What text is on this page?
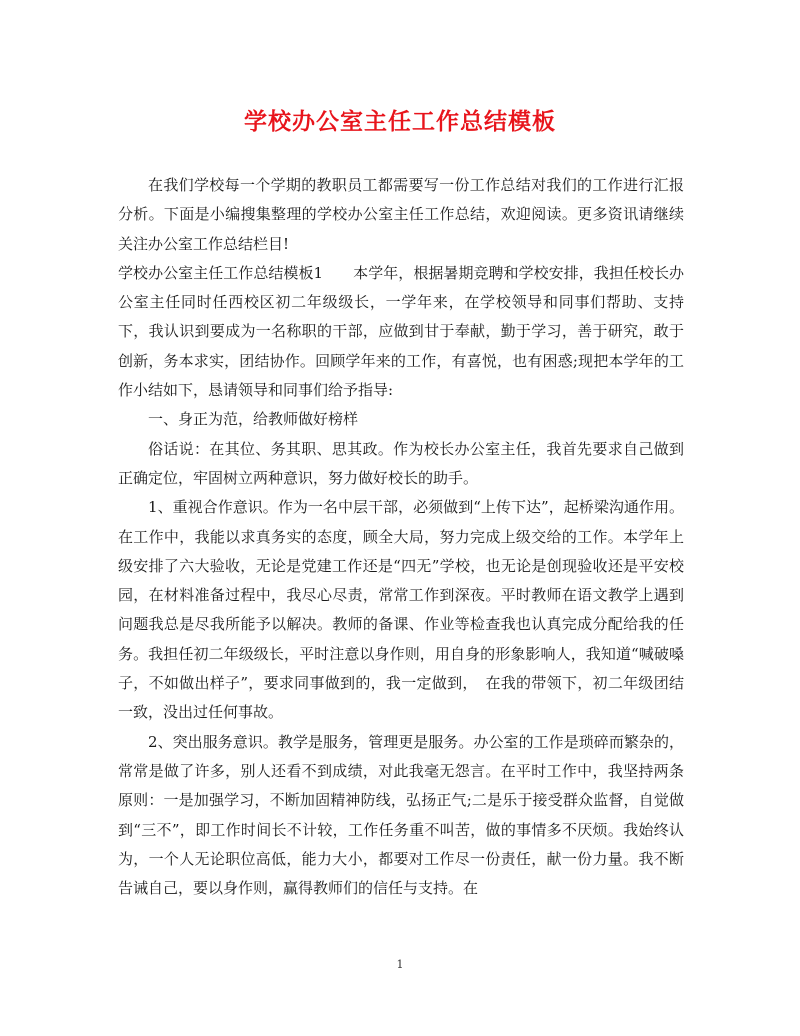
学校办公室主任工作总结模板

在我们学校每一个学期的教职员工都需要写一份工作总结对我们的工作进行汇报分析。下面是小编搜集整理的学校办公室主任工作总结，欢迎阅读。更多资讯请继续关注办公室工作总结栏目!

学校办公室主任工作总结模板1　　本学年，根据暑期竞聘和学校安排，我担任校长办公室主任同时任西校区初二年级级长，一学年来，在学校领导和同事们帮助、支持下，我认识到要成为一名称职的干部，应做到甘于奉献，勤于学习，善于研究，敢于创新，务本求实，团结协作。回顾学年来的工作，有喜悦，也有困惑;现把本学年的工作小结如下，恳请领导和同事们给予指导:

一、身正为范，给教师做好榜样

俗话说：在其位、务其职、思其政。作为校长办公室主任，我首先要求自己做到正确定位，牢固树立两种意识，努力做好校长的助手。

1、重视合作意识。作为一名中层干部，必须做到“上传下达”，起桥梁沟通作用。在工作中，我能以求真务实的态度，顾全大局，努力完成上级交给的工作。本学年上级安排了六大验收，无论是党建工作还是“四无”学校，也无论是创现验收还是平安校园，在材料准备过程中，我尽心尽责，常常工作到深夜。平时教师在语文教学上遇到问题我总是尽我所能予以解决。教师的备课、作业等检查我也认真完成分配给我的任务。我担任初二年级级长，平时注意以身作则，用自身的形象影响人，我知道“喊破嗓子，不如做出样子”，要求同事做到的，我一定做到，　在我的带领下，初二年级团结一致，没出过任何事故。

2、突出服务意识。教学是服务，管理更是服务。办公室的工作是琐碎而繁杂的，常常是做了许多，别人还看不到成绩，对此我毫无怨言。在平时工作中，我坚持两条原则：一是加强学习，不断加固精神防线，弘扬正气;二是乐于接受群众监督，自觉做到“三不”，即工作时间长不计较，工作任务重不叫苦，做的事情多不厌烦。我始终认为，一个人无论职位高低，能力大小，都要对工作尽一份责任，献一份力量。我不断告诫自己，要以身作则，赢得教师们的信任与支持。在

1
